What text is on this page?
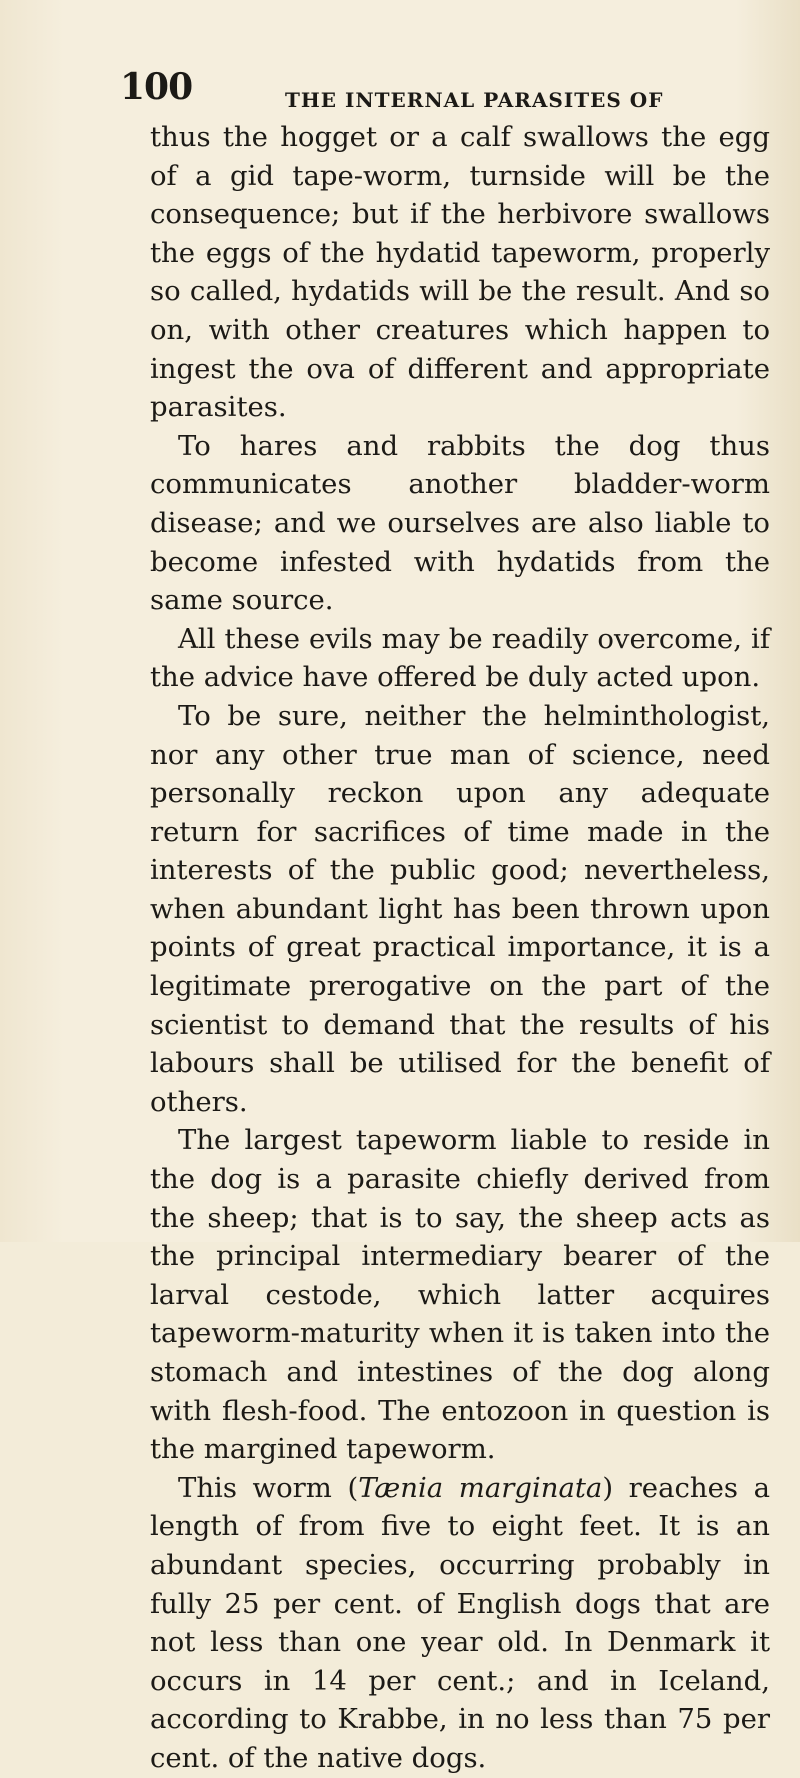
100	THE INTERNAL PARASITES OF

thus the hogget or a calf swallows the egg of a gid tape-worm, turnside will be the consequence; but if the herbivore swallows the eggs of the hydatid tapeworm, properly so called, hydatids will be the result. And so on, with other creatures which happen to ingest the ova of different and appropriate parasites.

To hares and rabbits the dog thus communicates another bladder-worm disease; and we ourselves are also liable to become infested with hydatids from the same source.

All these evils may be readily overcome, if the advice have offered be duly acted upon.

To be sure, neither the helminthologist, nor any other true man of science, need personally reckon upon any adequate return for sacrifices of time made in the interests of the public good; nevertheless, when abundant light has been thrown upon points of great practical importance, it is a legitimate prerogative on the part of the scientist to demand that the results of his labours shall be utilised for the benefit of others.

The largest tapeworm liable to reside in the dog is a parasite chiefly derived from the sheep; that is to say, the sheep acts as the principal intermediary bearer of the larval cestode, which latter acquires tapeworm-maturity when it is taken into the stomach and intestines of the dog along with flesh-food. The entozoon in question is the margined tapeworm.

This worm (Tænia marginata) reaches a length of from five to eight feet. It is an abundant species, occurring probably in fully 25 per cent. of English dogs that are not less than one year old. In Denmark it occurs in 14 per cent.; and in Iceland, according to Krabbe, in no less than 75 per cent. of the native dogs.
